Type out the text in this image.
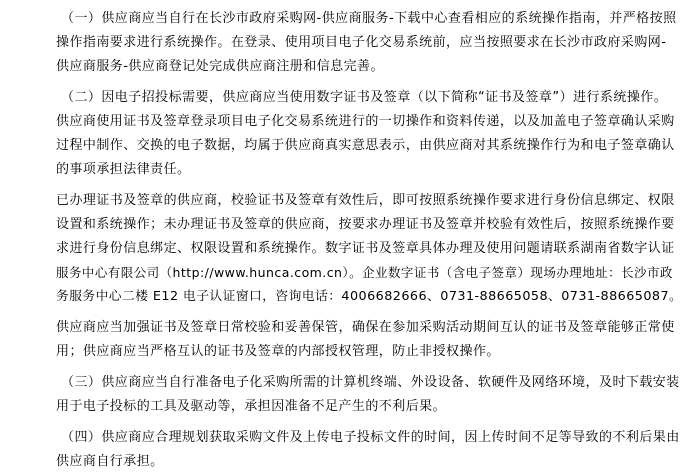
（一）供应商应当自行在长沙市政府采购网-供应商服务-下载中心查看相应的系统操作指南，并严格按照
操作指南要求进行系统操作。在登录、使用项目电子化交易系统前，应当按照要求在长沙市政府采购网-
供应商服务-供应商登记处完成供应商注册和信息完善。
（二）因电子招投标需要，供应商应当使用数字证书及签章（以下简称“证书及签章”）进行系统操作。
供应商使用证书及签章登录项目电子化交易系统进行的一切操作和资料传递，以及加盖电子签章确认采购
过程中制作、交换的电子数据，均属于供应商真实意思表示，由供应商对其系统操作行为和电子签章确认
的事项承担法律责任。
已办理证书及签章的供应商，校验证书及签章有效性后，即可按照系统操作要求进行身份信息绑定、权限
设置和系统操作；未办理证书及签章的供应商，按要求办理证书及签章并校验有效性后，按照系统操作要
求进行身份信息绑定、权限设置和系统操作。数字证书及签章具体办理及使用问题请联系湖南省数字认证
服务中心有限公司（http://www.hunca.com.cn）。企业数字证书（含电子签章）现场办理地址：长沙市政
务服务中心二楼 E12 电子认证窗口，咨询电话：4006682666、0731-88665058、0731-88665087。
供应商应当加强证书及签章日常校验和妥善保管，确保在参加采购活动期间互认的证书及签章能够正常使
用；供应商应当严格互认的证书及签章的内部授权管理，防止非授权操作。
（三）供应商应当自行准备电子化采购所需的计算机终端、外设设备、软硬件及网络环境，及时下载安装
用于电子投标的工具及驱动等，承担因准备不足产生的不利后果。
（四）供应商应合理规划获取采购文件及上传电子投标文件的时间，因上传时间不足等导致的不利后果由
供应商自行承担。
